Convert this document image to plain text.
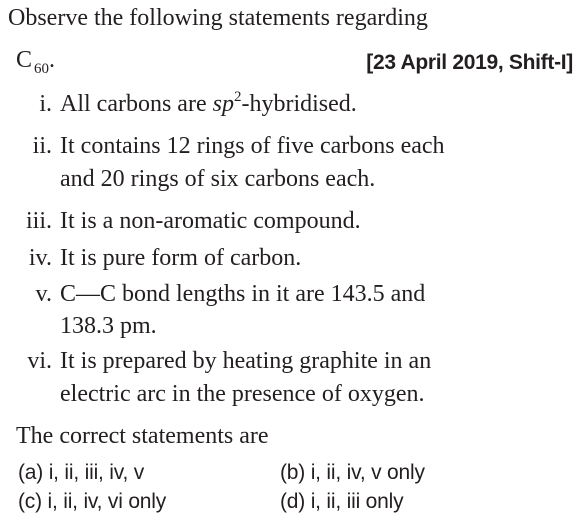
Observe the following statements regarding
C $_{60}$.	[23 April 2019, Shift-I]
i. All carbons are $sp^2$-hybridised.
ii. It contains 12 rings of five carbons each
and 20 rings of six carbons each.
iii. It is a non-aromatic compound.
iv. It is pure form of carbon.
v. C—C bond lengths in it are 143.5 and
138.3 pm.
vi. It is prepared by heating graphite in an
electric arc in the presence of oxygen.
The correct statements are
(a) i, ii, iii, iv, v	(b) i, ii, iv, v only
(c) i, ii, iv, vi only	(d) i, ii, iii only
